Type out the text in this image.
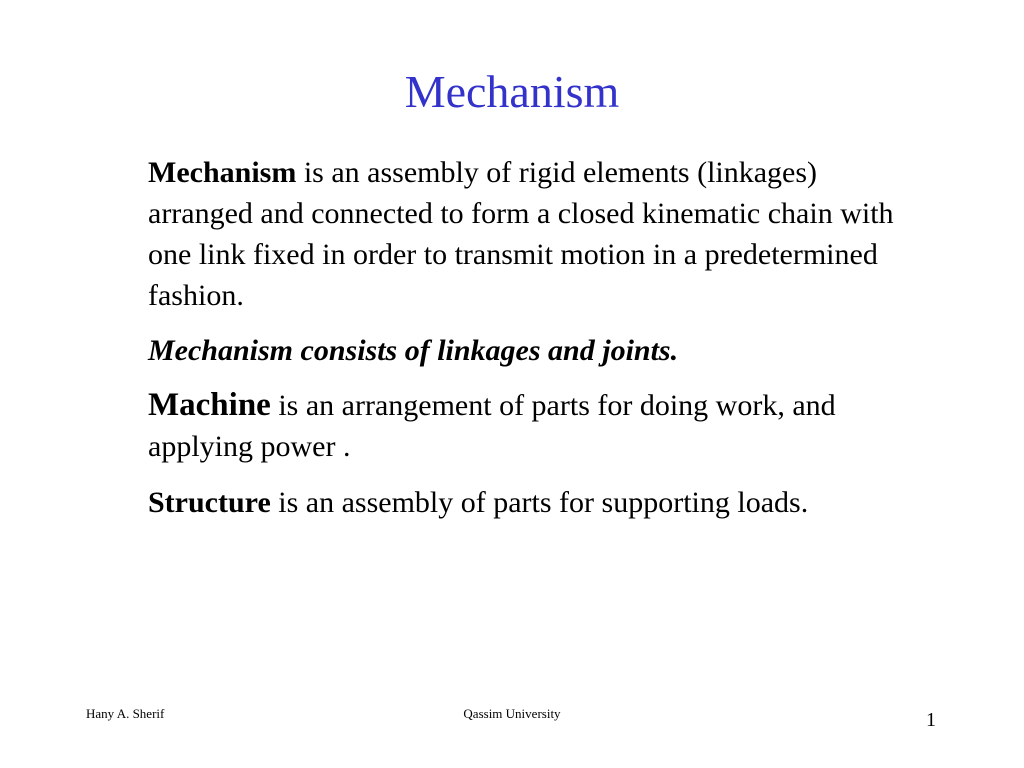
Mechanism

Mechanism is an assembly of rigid elements (linkages) arranged and connected to form a closed kinematic chain with one link fixed in order to transmit motion in a predetermined fashion.

Mechanism consists of linkages and joints.

Machine is an arrangement of parts for doing work, and applying power .

Structure is an assembly of parts for supporting loads.

Hany A. Sherif	Qassim University	1
